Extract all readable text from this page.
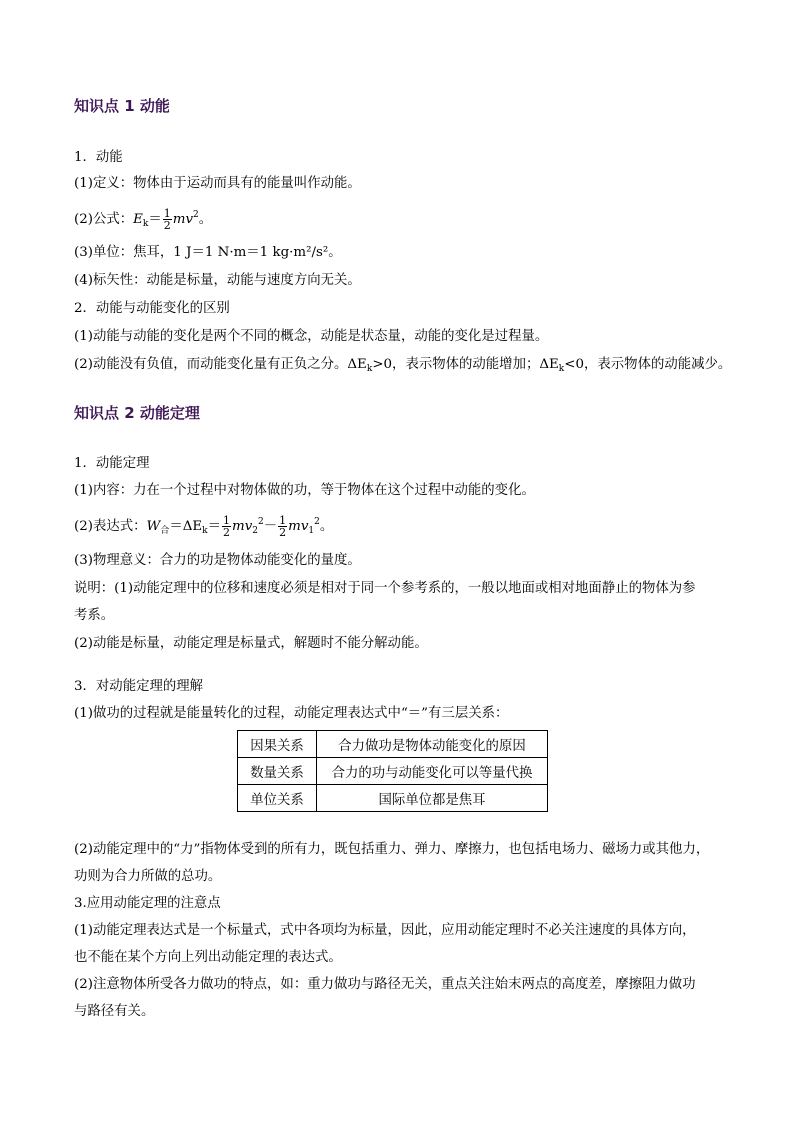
知识点 1 动能
1．动能
(1)定义：物体由于运动而具有的能量叫作动能。
(2)公式：$E_k= \frac{1}{2} mv^2$。
(3)单位：焦耳，1 J＝1 N·m＝1 kg·m²/s²。
(4)标矢性：动能是标量，动能与速度方向无关。
2．动能与动能变化的区别
(1)动能与动能的变化是两个不同的概念，动能是状态量，动能的变化是过程量。
(2)动能没有负值，而动能变化量有正负之分。$\Delta E_k>0$，表示物体的动能增加；$\Delta E_k<0$，表示物体的动能减少。
知识点 2 动能定理
1．动能定理
(1)内容：力在一个过程中对物体做的功，等于物体在这个过程中动能的变化。
(2)表达式：$W_合=\Delta E_k= \frac{1}{2} mv_2^2- \frac{1}{2} mv_1^2$。
(3)物理意义：合力的功是物体动能变化的量度。
说明：(1)动能定理中的位移和速度必须是相对于同一个参考系的，一般以地面或相对地面静止的物体为参
考系。
(2)动能是标量，动能定理是标量式，解题时不能分解动能。
3．对动能定理的理解
(1)做功的过程就是能量转化的过程，动能定理表达式中“＝”有三层关系：
因果关系	合力做功是物体动能变化的原因
数量关系	合力的功与动能变化可以等量代换
单位关系	国际单位都是焦耳
(2)动能定理中的“力”指物体受到的所有力，既包括重力、弹力、摩擦力，也包括电场力、磁场力或其他力，
功则为合力所做的总功。
3.应用动能定理的注意点
(1)动能定理表达式是一个标量式，式中各项均为标量，因此，应用动能定理时不必关注速度的具体方向，
也不能在某个方向上列出动能定理的表达式。
(2)注意物体所受各力做功的特点，如：重力做功与路径无关，重点关注始末两点的高度差，摩擦阻力做功
与路径有关。
